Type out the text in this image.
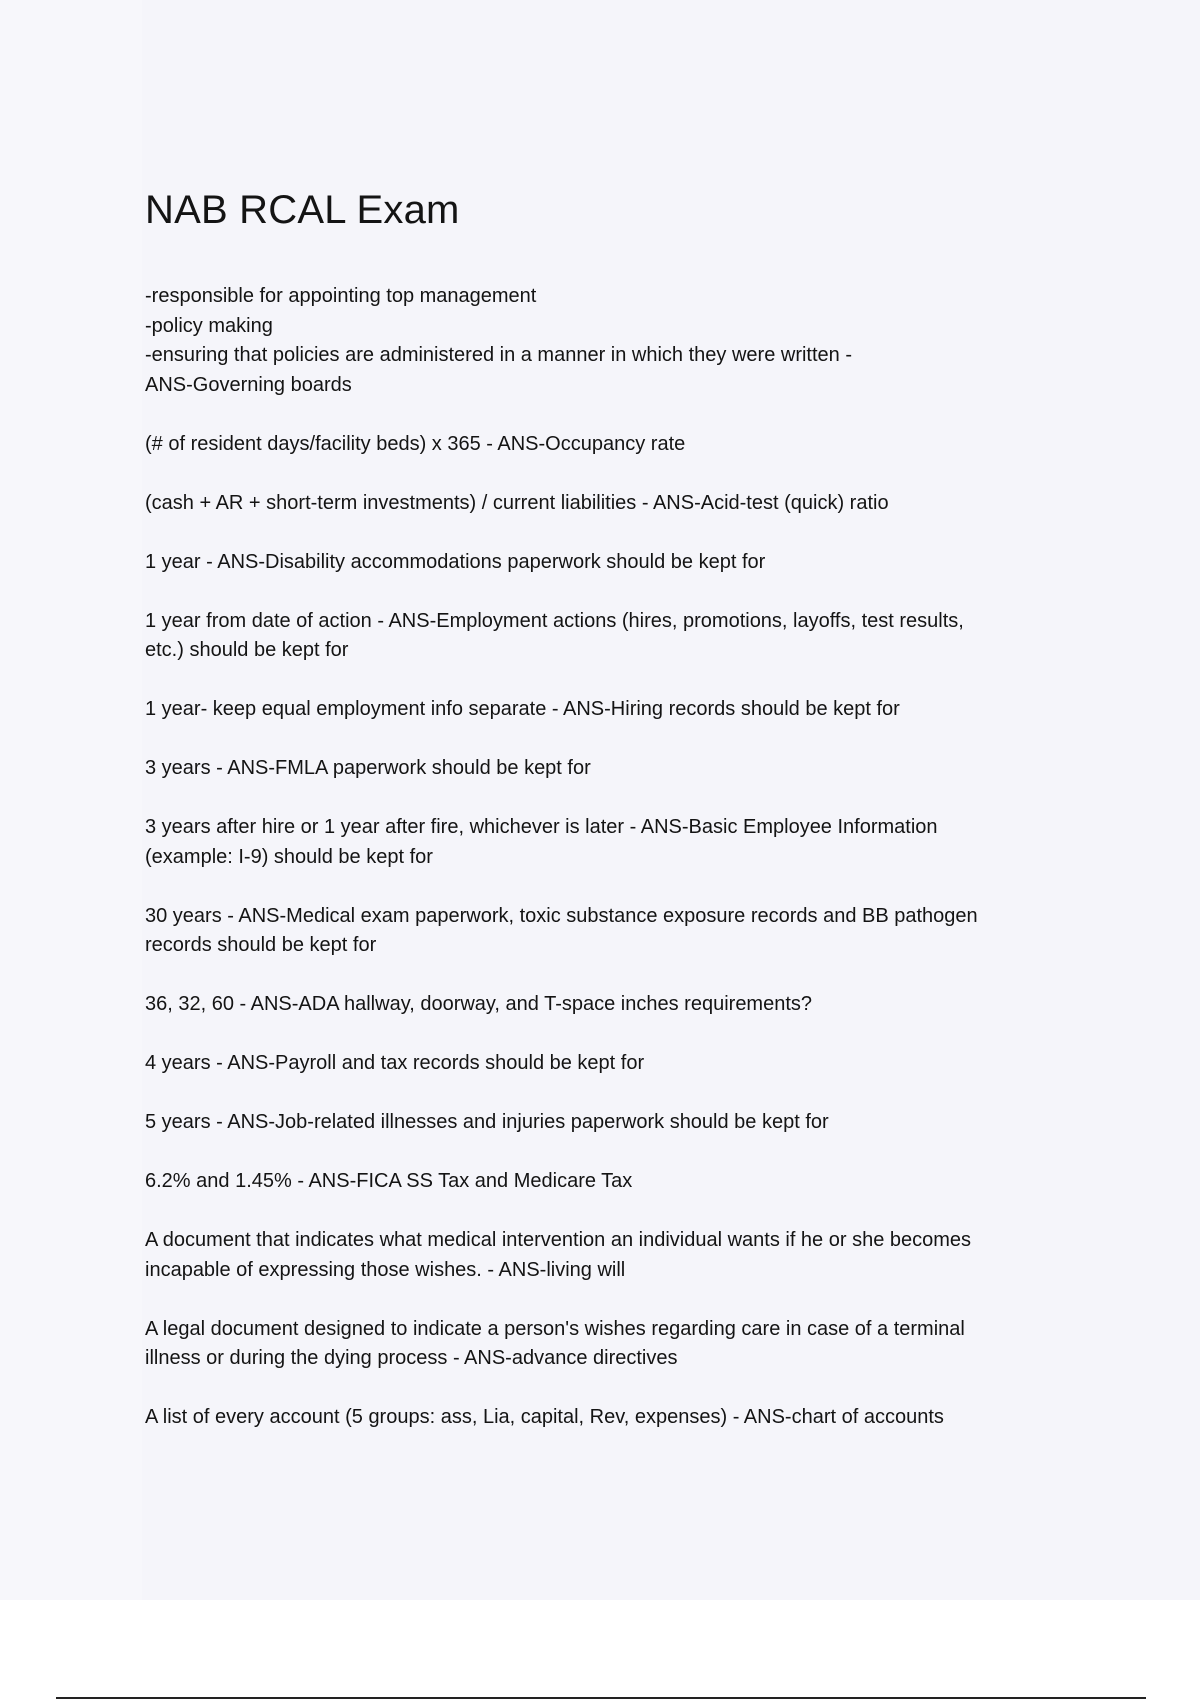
NAB RCAL Exam
-responsible for appointing top management
-policy making
-ensuring that policies are administered in a manner in which they were written -
ANS-Governing boards
(# of resident days/facility beds) x 365 - ANS-Occupancy rate
(cash + AR + short-term investments) / current liabilities - ANS-Acid-test (quick) ratio
1 year - ANS-Disability accommodations paperwork should be kept for
1 year from date of action - ANS-Employment actions (hires, promotions, layoffs, test results,
etc.) should be kept for
1 year- keep equal employment info separate - ANS-Hiring records should be kept for
3 years - ANS-FMLA paperwork should be kept for
3 years after hire or 1 year after fire, whichever is later - ANS-Basic Employee Information
(example: I-9) should be kept for
30 years - ANS-Medical exam paperwork, toxic substance exposure records and BB pathogen
records should be kept for
36, 32, 60 - ANS-ADA hallway, doorway, and T-space inches requirements?
4 years - ANS-Payroll and tax records should be kept for
5 years - ANS-Job-related illnesses and injuries paperwork should be kept for
6.2% and 1.45% - ANS-FICA SS Tax and Medicare Tax
A document that indicates what medical intervention an individual wants if he or she becomes
incapable of expressing those wishes. - ANS-living will
A legal document designed to indicate a person's wishes regarding care in case of a terminal
illness or during the dying process - ANS-advance directives
A list of every account (5 groups: ass, Lia, capital, Rev, expenses) - ANS-chart of accounts
